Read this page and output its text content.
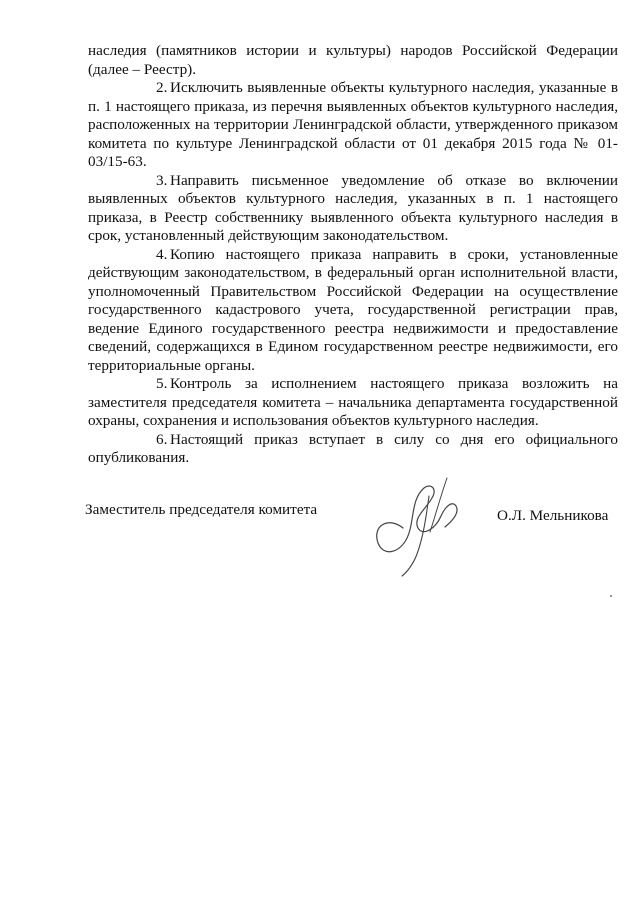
наследия (памятников истории и культуры) народов Российской Федерации (далее – Реестр).

2. Исключить выявленные объекты культурного наследия, указанные в п. 1 настоящего приказа, из перечня выявленных объектов культурного наследия, расположенных на территории Ленинградской области, утвержденного приказом комитета по культуре Ленинградской области от 01 декабря 2015 года № 01-03/15-63.

3. Направить письменное уведомление об отказе во включении выявленных объектов культурного наследия, указанных в п. 1 настоящего приказа, в Реестр собственнику выявленного объекта культурного наследия в срок, установленный действующим законодательством.

4. Копию настоящего приказа направить в сроки, установленные действующим законодательством, в федеральный орган исполнительной власти, уполномоченный Правительством Российской Федерации на осуществление государственного кадастрового учета, государственной регистрации прав, ведение Единого государственного реестра недвижимости и предоставление сведений, содержащихся в Едином государственном реестре недвижимости, его территориальные органы.

5. Контроль за исполнением настоящего приказа возложить на заместителя председателя комитета – начальника департамента государственной охраны, сохранения и использования объектов культурного наследия.

6. Настоящий приказ вступает в силу со дня его официального опубликования.

Заместитель председателя комитета	О.Л. Мельникова
